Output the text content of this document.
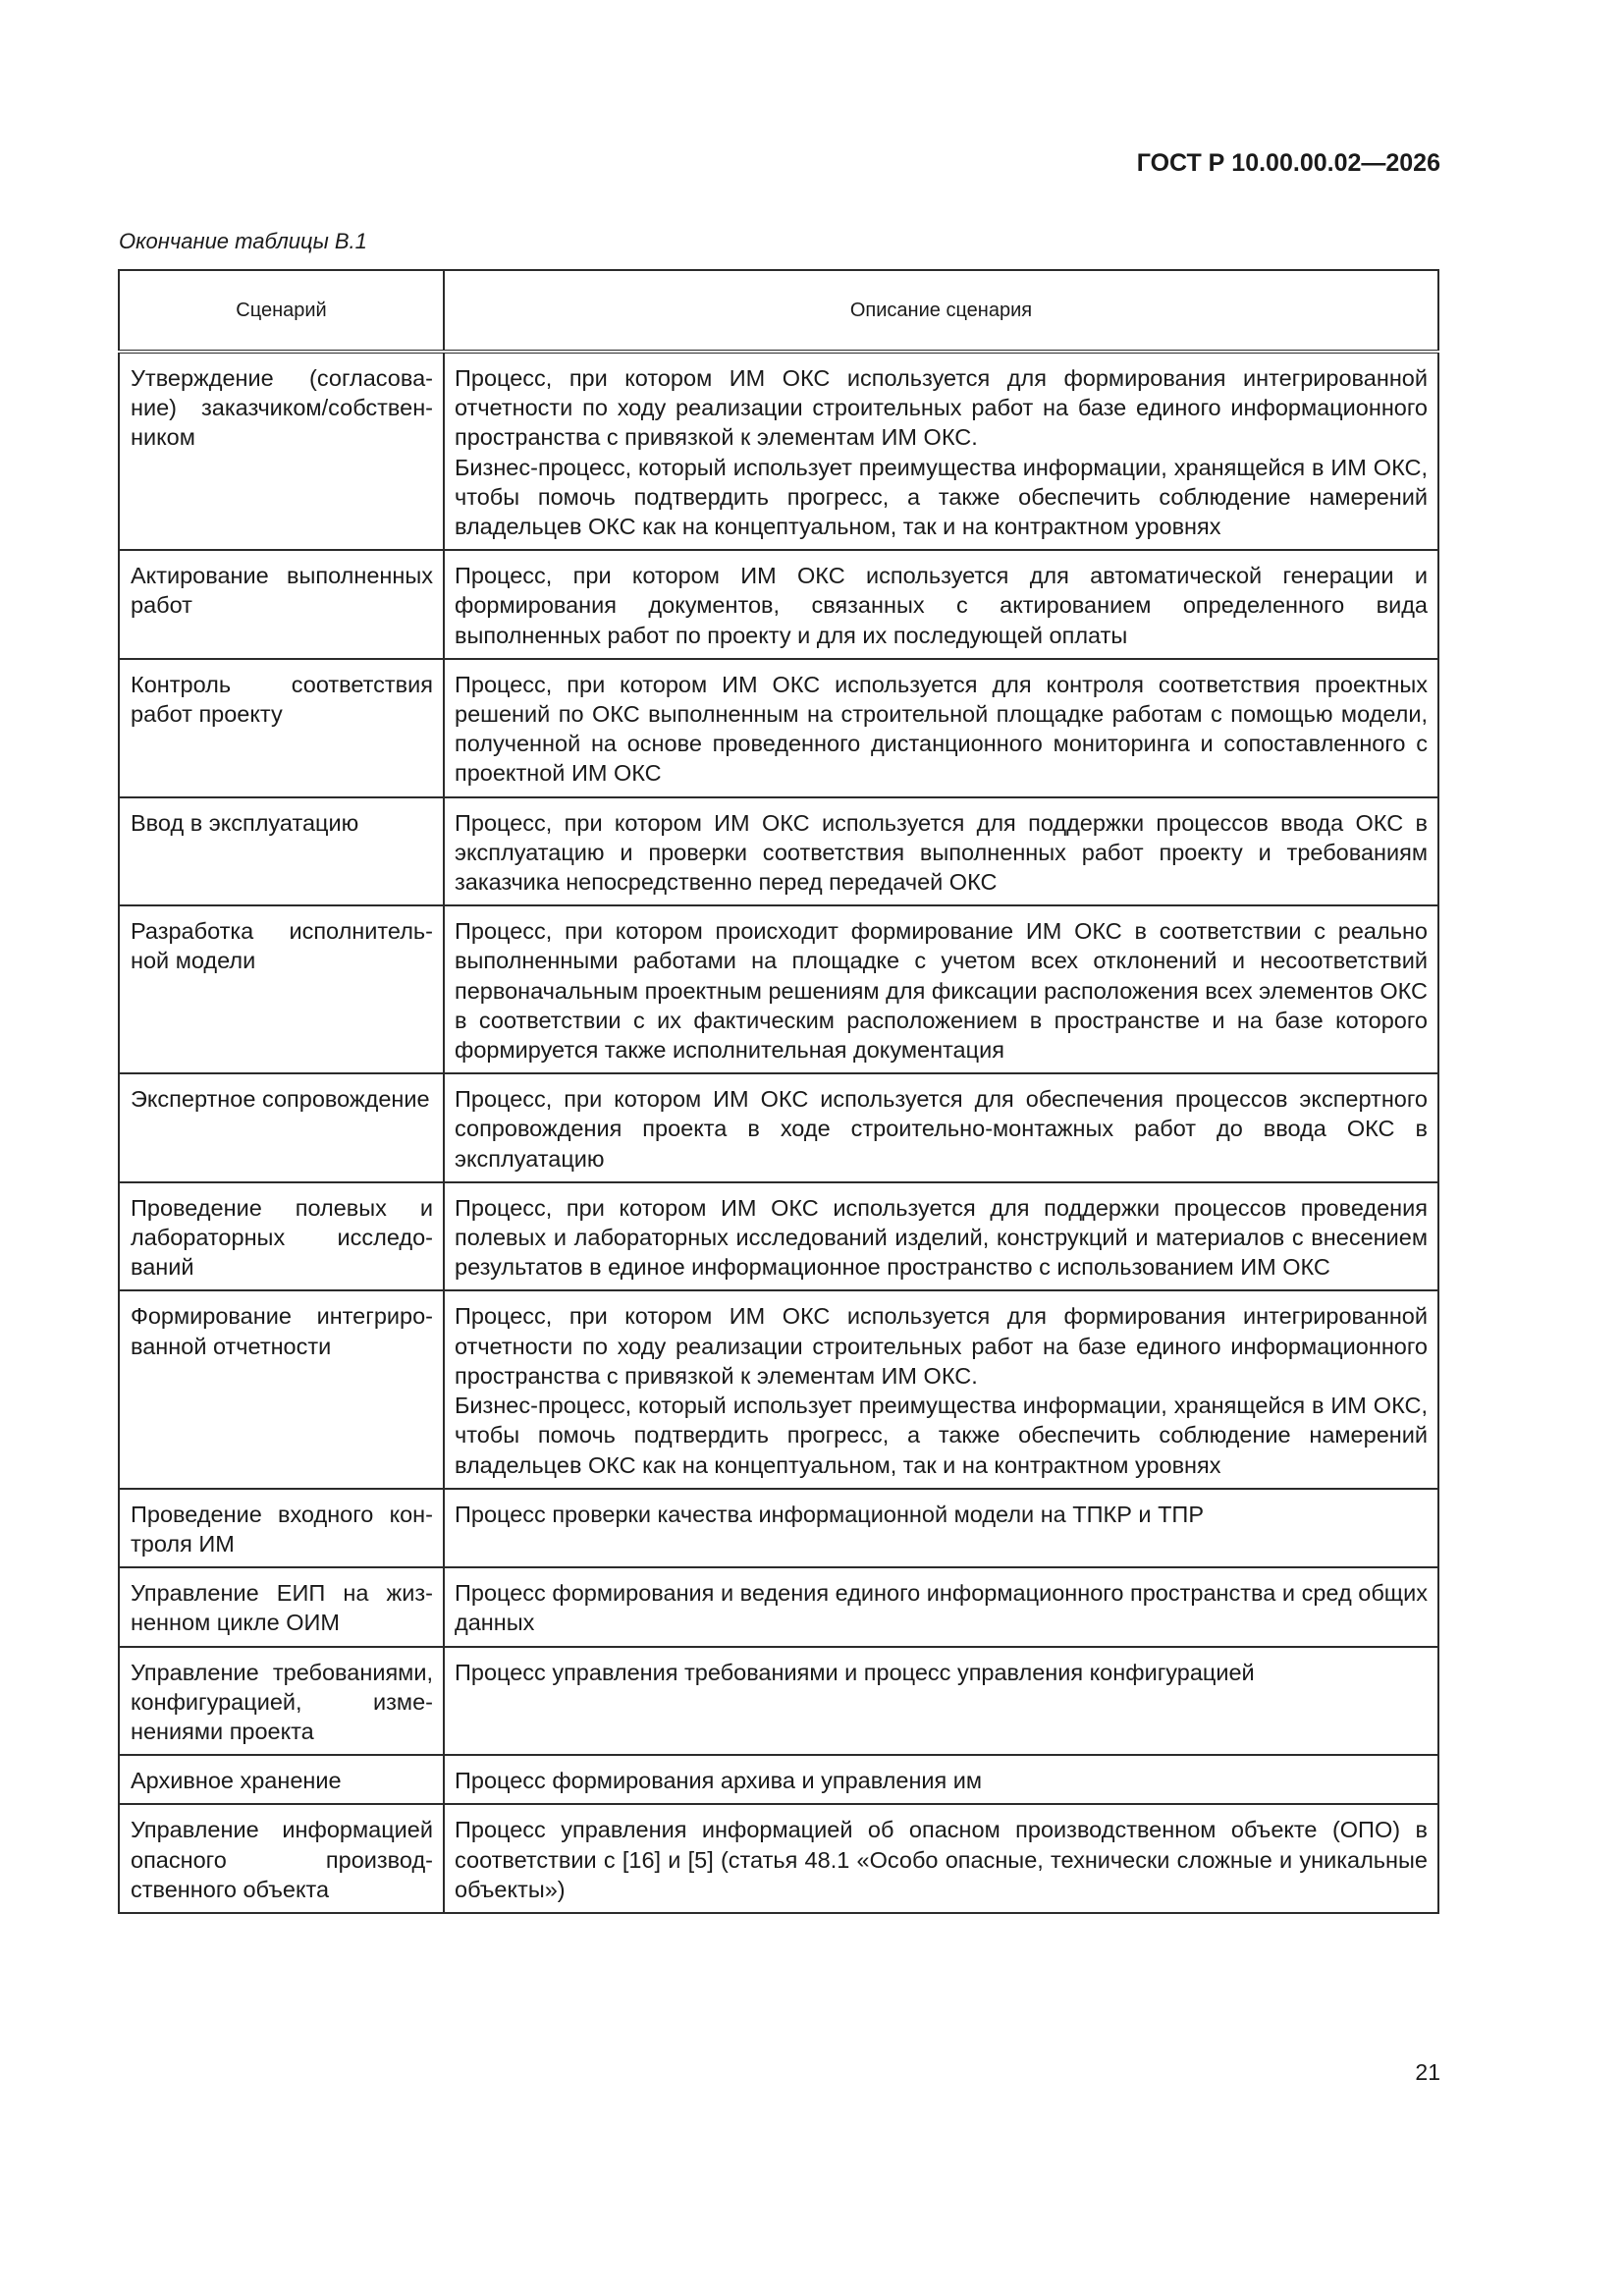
ГОСТ Р 10.00.00.02—2026
Окончание таблицы В.1
Сценарий	Описание сценария
Утверждение (согласование) заказчиком/собственником	Процесс, при котором ИМ ОКС используется для формирования интегрированной отчетности по ходу реализации строительных работ на базе единого информационного пространства с привязкой к элементам ИМ ОКС.
Бизнес-процесс, который использует преимущества информации, хранящейся в ИМ ОКС, чтобы помочь подтвердить прогресс, а также обеспечить соблюдение намерений владельцев ОКС как на концептуальном, так и на контрактном уровнях
Актирование выполненных работ	Процесс, при котором ИМ ОКС используется для автоматической генерации и формирования документов, связанных с актированием определенного вида выполненных работ по проекту и для их последующей оплаты
Контроль соответствия работ проекту	Процесс, при котором ИМ ОКС используется для контроля соответствия проектных решений по ОКС выполненным на строительной площадке работам с помощью модели, полученной на основе проведенного дистанционного мониторинга и сопоставленного с проектной ИМ ОКС
Ввод в эксплуатацию	Процесс, при котором ИМ ОКС используется для поддержки процессов ввода ОКС в эксплуатацию и проверки соответствия выполненных работ проекту и требованиям заказчика непосредственно перед передачей ОКС
Разработка исполнительной модели	Процесс, при котором происходит формирование ИМ ОКС в соответствии с реально выполненными работами на площадке с учетом всех отклонений и несоответствий первоначальным проектным решениям для фиксации расположения всех элементов ОКС в соответствии с их фактическим расположением в пространстве и на базе которого формируется также исполнительная документация
Экспертное сопровождение	Процесс, при котором ИМ ОКС используется для обеспечения процессов экспертного сопровождения проекта в ходе строительно-монтажных работ до ввода ОКС в эксплуатацию
Проведение полевых и лабораторных исследований	Процесс, при котором ИМ ОКС используется для поддержки процессов проведения полевых и лабораторных исследований изделий, конструкций и материалов с внесением результатов в единое информационное пространство с использованием ИМ ОКС
Формирование интегрированной отчетности	Процесс, при котором ИМ ОКС используется для формирования интегрированной отчетности по ходу реализации строительных работ на базе единого информационного пространства с привязкой к элементам ИМ ОКС.
Бизнес-процесс, который использует преимущества информации, хранящейся в ИМ ОКС, чтобы помочь подтвердить прогресс, а также обеспечить соблюдение намерений владельцев ОКС как на концептуальном, так и на контрактном уровнях
Проведение входного контроля ИМ	Процесс проверки качества информационной модели на ТПКР и ТПР
Управление ЕИП на жизненном цикле ОИМ	Процесс формирования и ведения единого информационного пространства и сред общих данных
Управление требованиями, конфигурацией, изменениями проекта	Процесс управления требованиями и процесс управления конфигурацией
Архивное хранение	Процесс формирования архива и управления им
Управление информацией опасного производственного объекта	Процесс управления информацией об опасном производственном объекте (ОПО) в соответствии с [16] и [5] (статья 48.1 «Особо опасные, технически сложные и уникальные объекты»)
21
